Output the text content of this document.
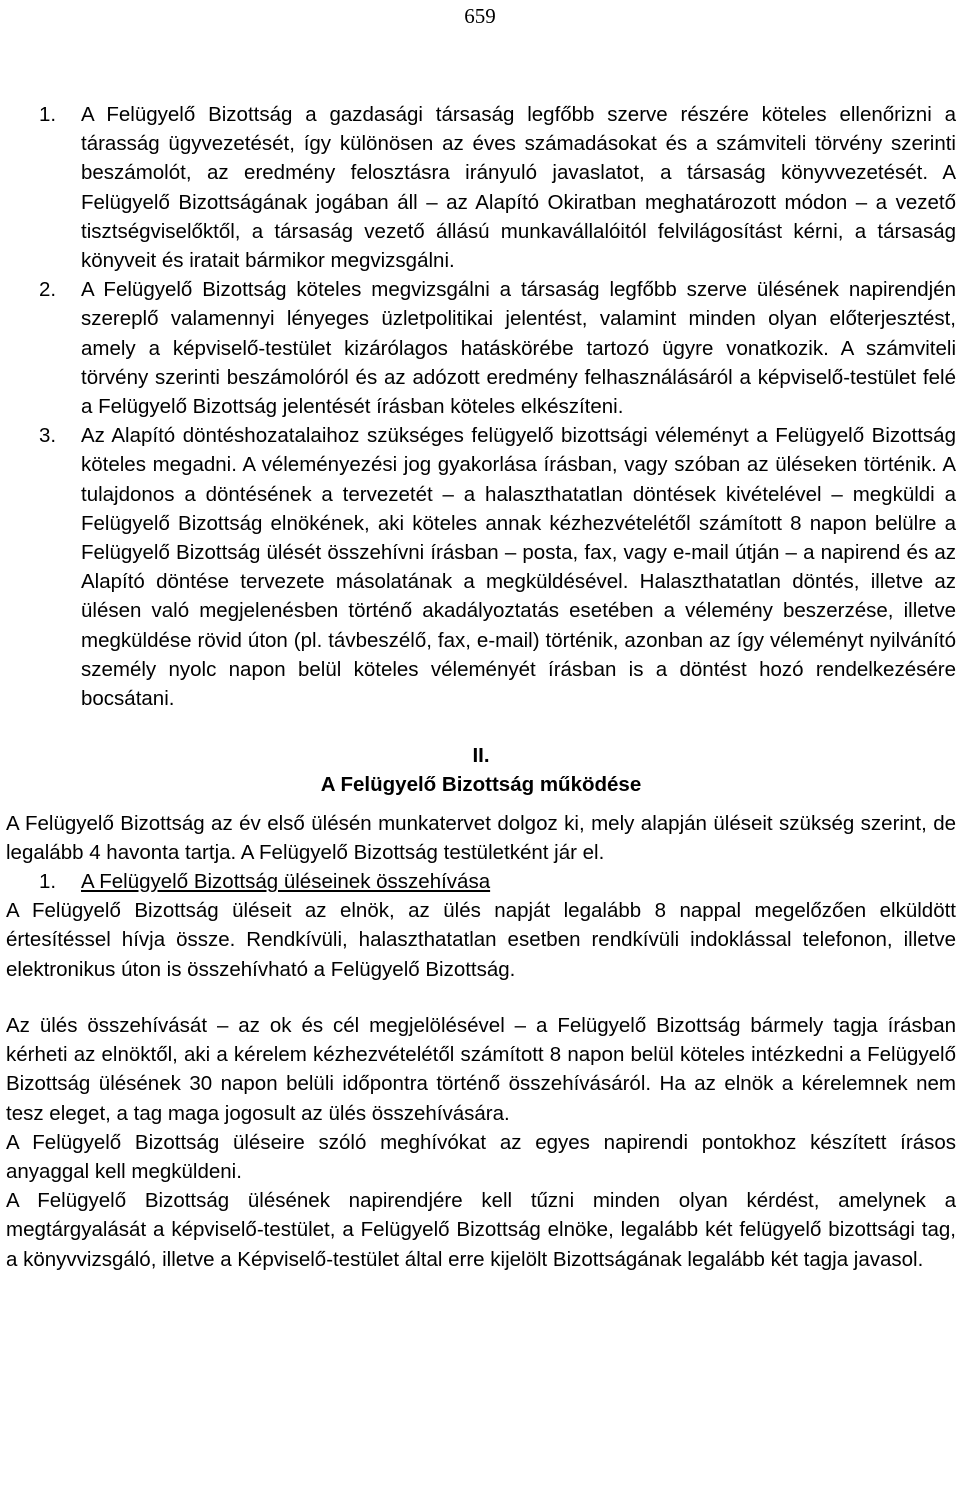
659
1. A Felügyelő Bizottság a gazdasági társaság legfőbb szerve részére köteles ellenőrizni a tárasság ügyvezetését, így különösen az éves számadásokat és a számviteli törvény szerinti beszámolót, az eredmény felosztásra irányuló javaslatot, a társaság könyvvezetését. A Felügyelő Bizottságának jogában áll – az Alapító Okiratban meghatározott módon – a vezető tisztségviselőktől, a társaság vezető állású munkavállalóitól felvilágosítást kérni, a társaság könyveit és iratait bármikor megvizsgálni.
2. A Felügyelő Bizottság köteles megvizsgálni a társaság legfőbb szerve ülésének napirendjén szereplő valamennyi lényeges üzletpolitikai jelentést, valamint minden olyan előterjesztést, amely a képviselő-testület kizárólagos hatáskörébe tartozó ügyre vonatkozik. A számviteli törvény szerinti beszámolóról és az adózott eredmény felhasználásáról a képviselő-testület felé a Felügyelő Bizottság jelentését írásban köteles elkészíteni.
3. Az Alapító döntéshozatalaihoz szükséges felügyelő bizottsági véleményt a Felügyelő Bizottság köteles megadni. A véleményezési jog gyakorlása írásban, vagy szóban az üléseken történik. A tulajdonos a döntésének a tervezetét – a halaszthatatlan döntések kivételével – megküldi a Felügyelő Bizottság elnökének, aki köteles annak kézhezvételétől számított 8 napon belülre a Felügyelő Bizottság ülését összehívni írásban – posta, fax, vagy e-mail útján – a napirend és az Alapító döntése tervezete másolatának a megküldésével. Halaszthatatlan döntés, illetve az ülésen való megjelenésben történő akadályoztatás esetében a vélemény beszerzése, illetve megküldése rövid úton (pl. távbeszélő, fax, e-mail) történik, azonban az így véleményt nyilvánító személy nyolc napon belül köteles véleményét írásban is a döntést hozó rendelkezésére bocsátani.
II.
A Felügyelő Bizottság működése
A Felügyelő Bizottság az év első ülésén munkatervet dolgoz ki, mely alapján üléseit szükség szerint, de legalább 4 havonta tartja. A Felügyelő Bizottság testületként jár el.
1. A Felügyelő Bizottság üléseinek összehívása
A Felügyelő Bizottság üléseit az elnök, az ülés napját legalább 8 nappal megelőzően elküldött értesítéssel hívja össze. Rendkívüli, halaszthatatlan esetben rendkívüli indoklással telefonon, illetve elektronikus úton is összehívható a Felügyelő Bizottság.
Az ülés összehívását – az ok és cél megjelölésével – a Felügyelő Bizottság bármely tagja írásban kérheti az elnöktől, aki a kérelem kézhezvételétől számított 8 napon belül köteles intézkedni a Felügyelő Bizottság ülésének 30 napon belüli időpontra történő összehívásáról. Ha az elnök a kérelemnek nem tesz eleget, a tag maga jogosult az ülés összehívására.
A Felügyelő Bizottság üléseire szóló meghívókat az egyes napirendi pontokhoz készített írásos anyaggal kell megküldeni.
A Felügyelő Bizottság ülésének napirendjére kell tűzni minden olyan kérdést, amelynek a megtárgyalását a képviselő-testület, a Felügyelő Bizottság elnöke, legalább két felügyelő bizottsági tag, a könyvvizsgáló, illetve a Képviselő-testület által erre kijelölt Bizottságának legalább két tagja javasol.
